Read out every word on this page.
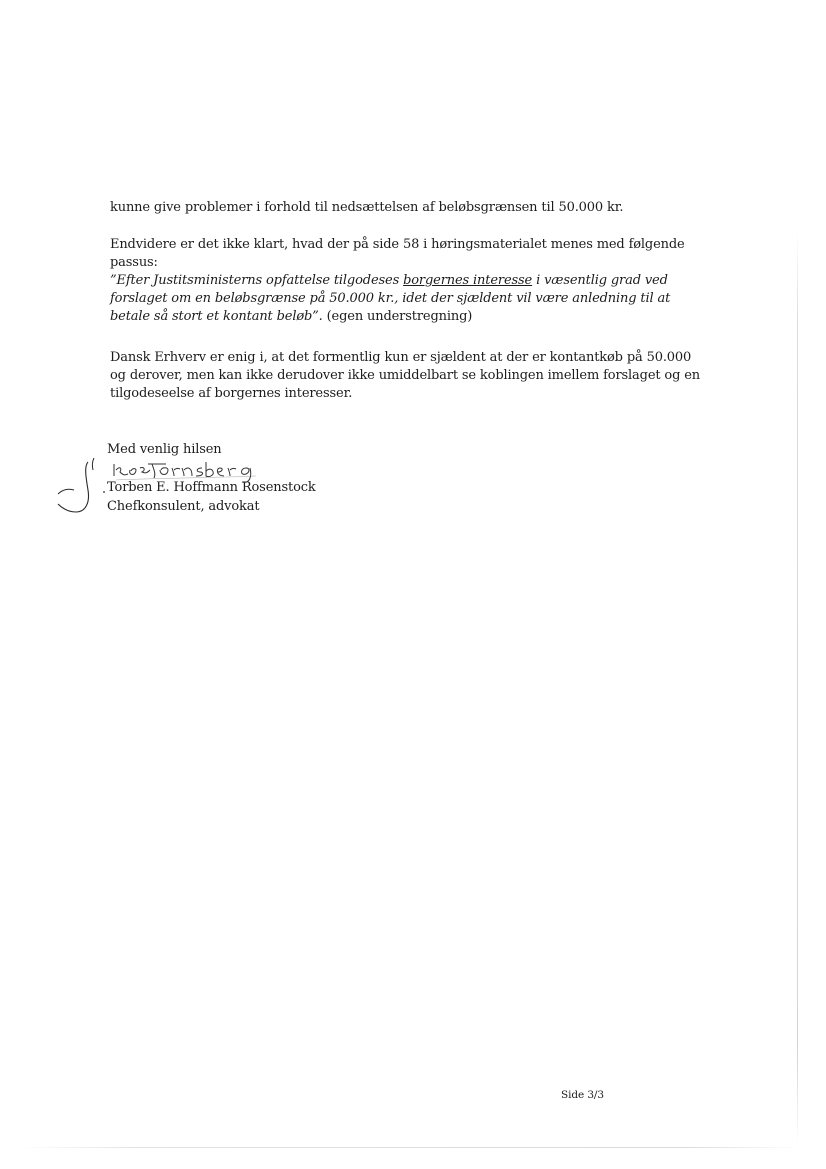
kunne give problemer i forhold til nedsættelsen af beløbsgrænsen til 50.000 kr.

Endvidere er det ikke klart, hvad der på side 58 i høringsmaterialet menes med følgende passus:

”Efter Justitsministerns opfattelse tilgodeses borgernes interesse i væsentlig grad ved forslaget om en beløbsgrænse på 50.000 kr., idet der sjældent vil være anledning til at betale så stort et kontant beløb”. (egen understregning)

Dansk Erhverv er enig i, at det formentlig kun er sjældent at der er kontantkøb på 50.000 og derover, men kan ikke derudover ikke umiddelbart se koblingen imellem forslaget og en tilgodeseelse af borgernes interesser.

Med venlig hilsen
Torben E. Hoffmann Rosenstock
Chefkonsulent, advokat
Side 3/3
